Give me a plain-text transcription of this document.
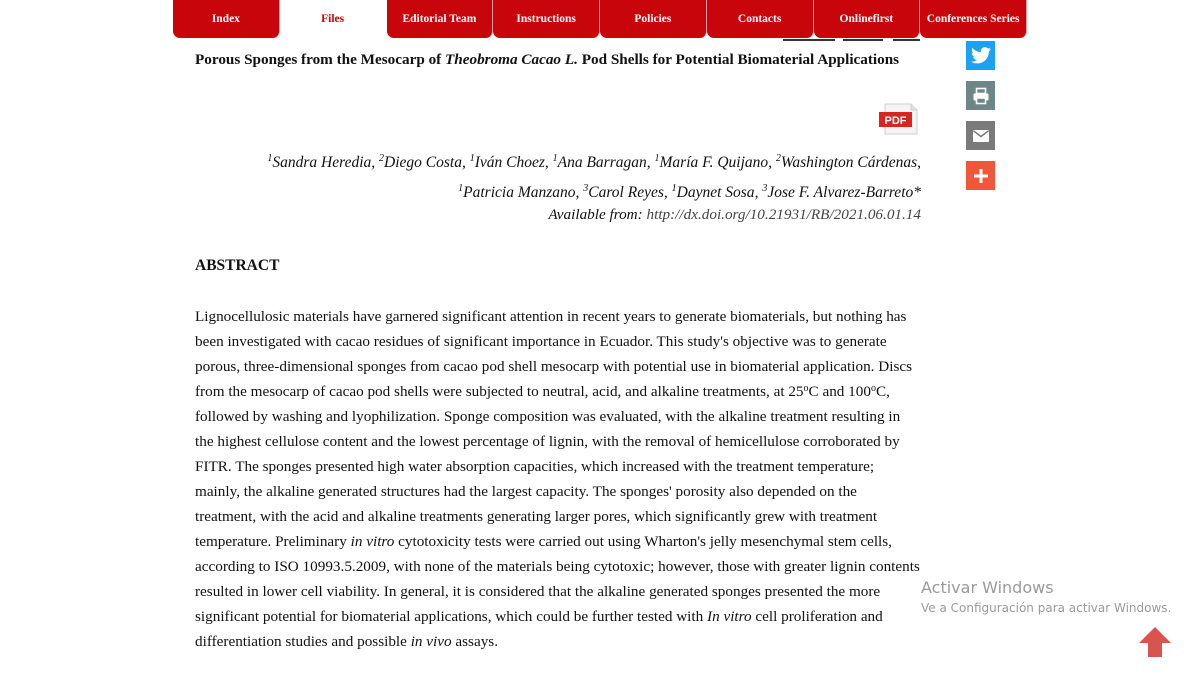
Index	Files	Editorial Team	Instructions	Policies	Contacts	Onlinefirst	Conferences Series
Porous Sponges from the Mesocarp of Theobroma Cacao L. Pod Shells for Potential Biomaterial Applications
PDF
$^1$Sandra Heredia, $^2$Diego Costa, $^1$Iván Choez, $^1$Ana Barragan, $^1$María F. Quijano, $^2$Washington Cárdenas,
$^1$Patricia Manzano, $^3$Carol Reyes, $^1$Daynet Sosa, $^3$Jose F. Alvarez-Barreto*
Available from: http://dx.doi.org/10.21931/RB/2021.06.01.14
ABSTRACT

Lignocellulosic materials have garnered significant attention in recent years to generate biomaterials, but nothing has been investigated with cacao residues of significant importance in Ecuador. This study's objective was to generate porous, three-dimensional sponges from cacao pod shell mesocarp with potential use in biomaterial application. Discs from the mesocarp of cacao pod shells were subjected to neutral, acid, and alkaline treatments, at 25$^o$C and 100$^o$C, followed by washing and lyophilization. Sponge composition was evaluated, with the alkaline treatment resulting in the highest cellulose content and the lowest percentage of lignin, with the removal of hemicellulose corroborated by FITR. The sponges presented high water absorption capacities, which increased with the treatment temperature; mainly, the alkaline generated structures had the largest capacity. The sponges' porosity also depended on the treatment, with the acid and alkaline treatments generating larger pores, which significantly grew with treatment temperature. Preliminary in vitro cytotoxicity tests were carried out using Wharton's jelly mesenchymal stem cells, according to ISO 10993.5.2009, with none of the materials being cytotoxic; however, those with greater lignin contents resulted in lower cell viability. In general, it is considered that the alkaline generated sponges presented the more significant potential for biomaterial applications, which could be further tested with In vitro cell proliferation and differentiation studies and possible in vivo assays.

Activar Windows
Ve a Configuración para activar Windows.
